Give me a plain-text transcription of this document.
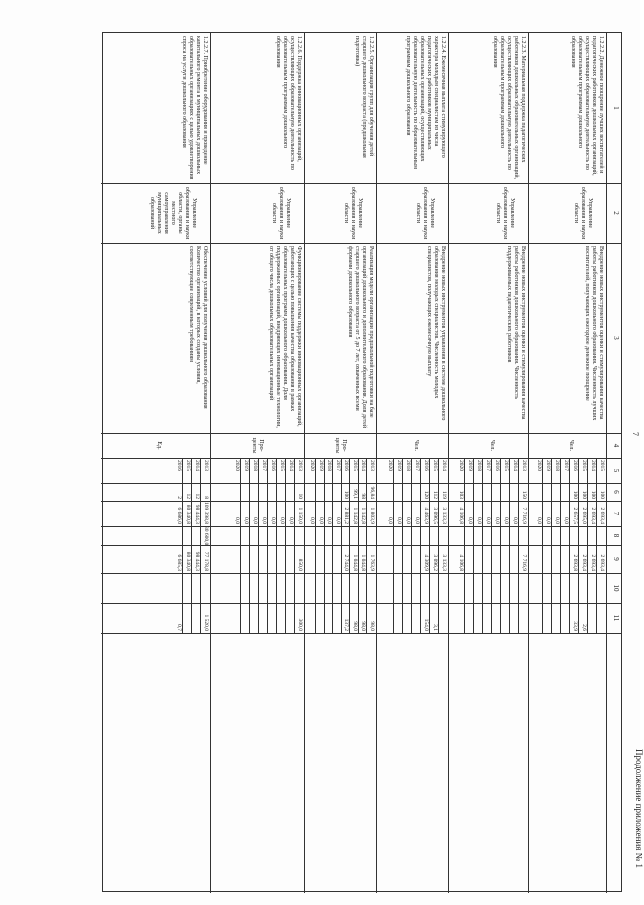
Продолжение приложения № 1
7
1
2
3
4
5
6
7
8
9
10
11
1.2.2.2. Денежное поощрение лучших воспитателей и педагогических работников дошкольных организаций, осуществляющих образовательную деятельность по образовательным программам дошкольного образования
Управление образования и науки области
Внедрение новых инструментов оценки и стимулирования качества работы работников дошкольного образования. Численность лучших воспитателей, получающих ежегодное денежное поощрение
Чел.
2015
100
2 693,4
2 693,4
2014
100
2 693,4
2 693,4
2015
100
2 695,0
2 693,4
2,6
2016
100
2 657,5
2 693,8
33,9
2017
0,0
2018
0,0
2019
0,0
2020
0,0
1.2.2.3. Материальная поддержка педагогических работников дошкольных образовательных организаций, осуществляющих образовательную деятельность по образовательным программам дошкольного образования
Управление образования и науки области
Внедрение новых инструментов оценки и стимулирования качества работы работников дошкольного образования. Численность поддерживаемых педагогических работников
Чел.
2013
150
7 716,9
7 716,9
2014
0,0
2015
0,0
2016
0,0
2017
0,0
2018
0,0
2019
0,0
2020
103
4 106,8
4 106,8
1.2.2.4. Ежемесячная выплата стимулирующего характера молодым специалистам из числа педагогических работников муниципальных образовательных организаций, осуществляющих образовательную деятельность по образовательным программам дошкольного образования
Управление образования и науки области
Внедрение новых инструментов управления в системе дошкольного образования молодых специалистов. Численность молодых специалистов, получающих ежемесячную выплату
Чел.
2014
119
3 133,3
3 133,3
2015
112
3 096,5
3 096,2
3,1
2016
120
4 463,9
4 309,9
154,0
2017
0,0
2018
0,0
2019
0,0
2020
0,0
1.2.2.5. Организация групп для обучения детей старшего дошкольного возраста (предшкольная подготовка)
Управление образования и науки области
Реализация модели организации предшкольной подготовки на базе организаций дошкольного и дополнительного образования. Доля детей старшего дошкольного возраста от 5 до 7 лет, охваченных всеми формами дошкольного образования
Про-центы
2013
96,84
1 803,9
1 763,9
98,0
2014
98
1 142,8
1 044,8
98,0
2015
99,1
1 142,8
1 044,8
98,0
2016
100
2 881,2
2 744,0
137,2
2017
0,0
2018
0,0
2019
0,0
2020
0,0
1.2.2.6. Поддержка инновационных организаций, осуществляющих образовательную деятельность по образовательным программам дошкольного образования
Управление образования и науки области
Функционирование системы поддержки инновационных организаций, работающих с целью повышения качества образования в рамках образовательных программ дошкольного образования. Доля поддержанных организаций, внедряющих инновационные технологии, от общего числа дошкольных образовательных организаций
Про-центы
2013
10
1 150,0
850,0
300,0
2014
0,0
2015
0,0
2016
0,0
2017
0,0
2018
0,0
2019
0,0
2020
0,0
1.2.2.7. Приобретение оборудования и проведение капитального ремонта в муниципальных дошкольных образовательных организациях с целью удовлетворения спроса на услуги дошкольного образования
Управление образования и науки области, органы местного самоуправления муниципальных образований
Обеспечение условий для получения дошкольного образования Количество организаций, в которых созданы условия, соответствующие современным требованиям
Ед.
2013
8
109 398,8
30 600,0
77 178,8
1 520,0
2014
12
98 444,3
98 444,3
2015
12
80 340,8
80 340,8
2016
2
6 686,0
6 685,3
0,7
